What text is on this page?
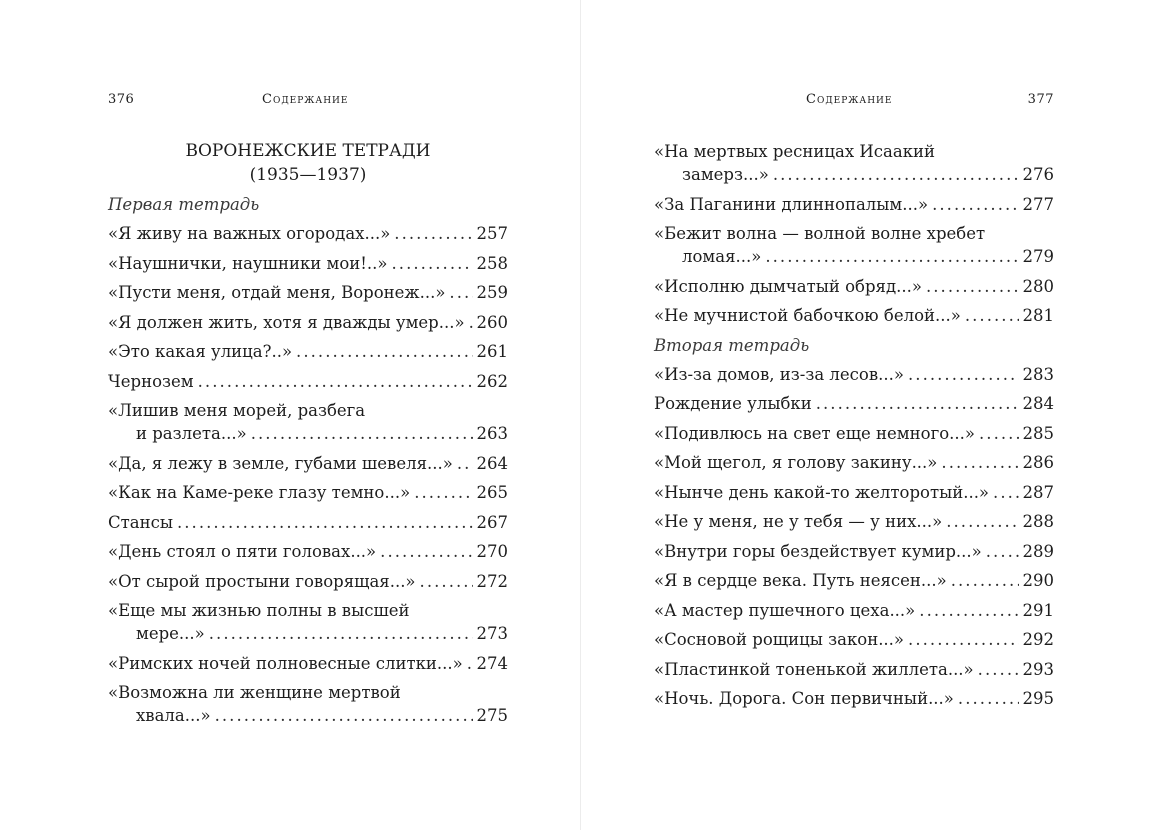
376	Содержание
ВОРОНЕЖСКИЕ ТЕТРАДИ
(1935—1937)
Первая тетрадь
«Я живу на важных огородах...» . . .	257
«Наушнички, наушники мои!..» . . .	258
«Пусти меня, отдай меня, Воронеж...» . . . 259
«Я должен жить, хотя я дважды умер...» . . . 260
«Это какая улица?..» . . .	261
Чернозем . . .	262
«Лишив меня морей, разбега
и разлета...» . . .	263
«Да, я лежу в земле, губами шевеля...» . . . 264
«Как на Каме-реке глазу темно...» . . .	265
Стансы . . .	267
«День стоял о пяти головах...» . . .	270
«От сырой простыни говорящая...» . . .	272
«Еще мы жизнью полны в высшей
мере...» . . .	273
«Римских ночей полновесные слитки...» . . . 274
«Возможна ли женщине мертвой
хвала...» . . .	275
Содержание	377
«На мертвых ресницах Исаакий
замерз...» . . .	276
«За Паганини длиннопалым...» . . .	277
«Бежит волна — волной волне хребет
ломая...» . . .	279
«Исполню дымчатый обряд...» . . .	280
«Не мучнистой бабочкою белой...» . . .	281
Вторая тетрадь
«Из-за домов, из-за лесов...» . . .	283
Рождение улыбки . . .	284
«Подивлюсь на свет еще немного...» . . .	285
«Мой щегол, я голову закину...» . . .	286
«Нынче день какой-то желторотый...» . . . 287
«Не у меня, не у тебя — у них...» . . .	288
«Внутри горы бездействует кумир...» . . . 289
«Я в сердце века. Путь неясен...» . . .	290
«А мастер пушечного цеха...» . . .	291
«Сосновой рощицы закон...» . . .	292
«Пластинкой тоненькой жиллета...» . . .	293
«Ночь. Дорога. Сон первичный...» . . .	295
